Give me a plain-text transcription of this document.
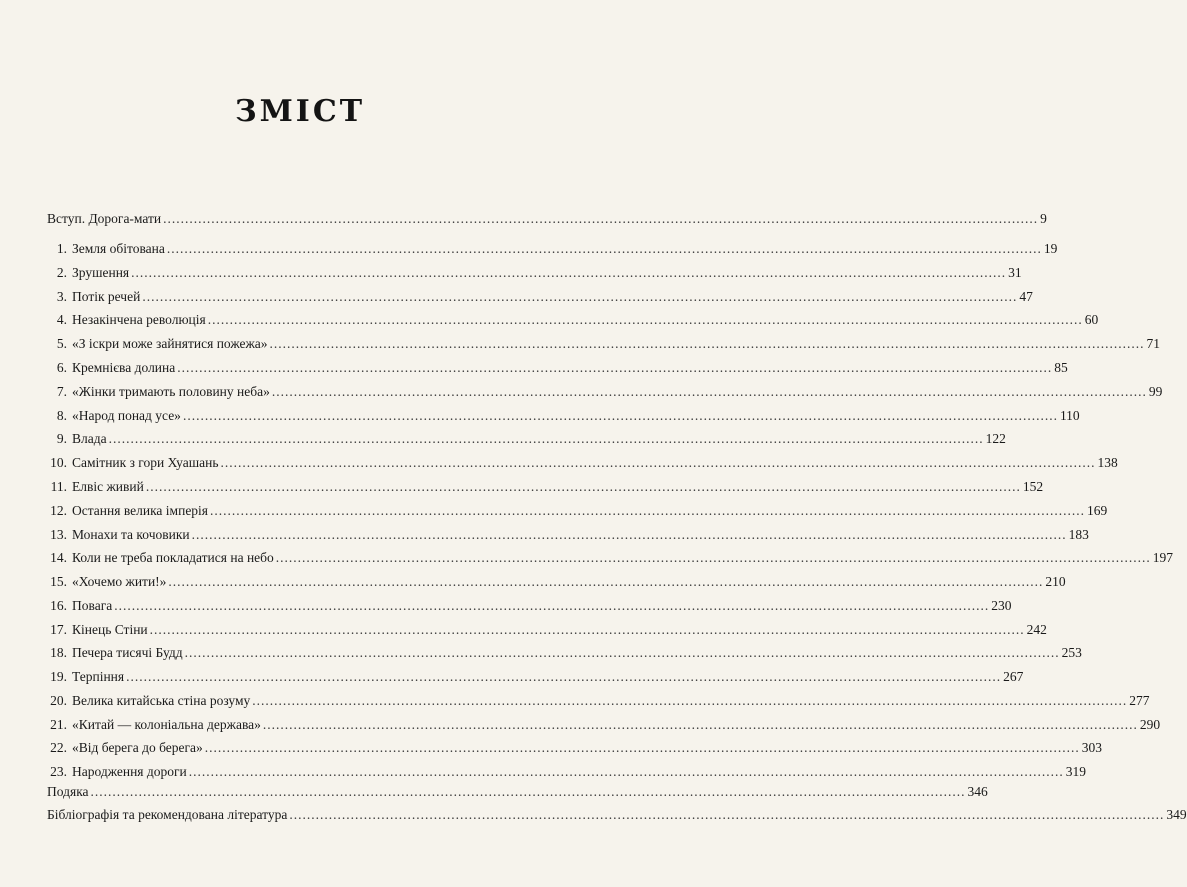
ЗМІСТ
Вступ. Дорога-мати ........................................................................................................................................................................................................ 9
1. Земля обітована ........................................................................................................................................................................................................ 19
2. Зрушення ........................................................................................................................................................................................................ 31
3. Потік речей ........................................................................................................................................................................................................ 47
4. Незакінчена революція ........................................................................................................................................................................................................ 60
5. «З іскри може зайнятися пожежа» ........................................................................................................................................................................................................ 71
6. Кремнієва долина ........................................................................................................................................................................................................ 85
7. «Жінки тримають половину неба» ........................................................................................................................................................................................................ 99
8. «Народ понад усе» ........................................................................................................................................................................................................ 110
9. Влада ........................................................................................................................................................................................................ 122
10. Самітник з гори Хуашань ........................................................................................................................................................................................................ 138
11. Елвіс живий ........................................................................................................................................................................................................ 152
12. Остання велика імперія ........................................................................................................................................................................................................ 169
13. Монахи та кочовики ........................................................................................................................................................................................................ 183
14. Коли не треба покладатися на небо ........................................................................................................................................................................................................ 197
15. «Хочемо жити!» ........................................................................................................................................................................................................ 210
16. Повага ........................................................................................................................................................................................................ 230
17. Кінець Стіни ........................................................................................................................................................................................................ 242
18. Печера тисячі Будд ........................................................................................................................................................................................................ 253
19. Терпіння ........................................................................................................................................................................................................ 267
20. Велика китайська стіна розуму ........................................................................................................................................................................................................ 277
21. «Китай — колоніальна держава» ........................................................................................................................................................................................................ 290
22. «Від берега до берега» ........................................................................................................................................................................................................ 303
23. Народження дороги ........................................................................................................................................................................................................ 319
Подяка ........................................................................................................................................................................................................ 346
Бібліографія та рекомендована література ........................................................................................................................................................................................................ 349
